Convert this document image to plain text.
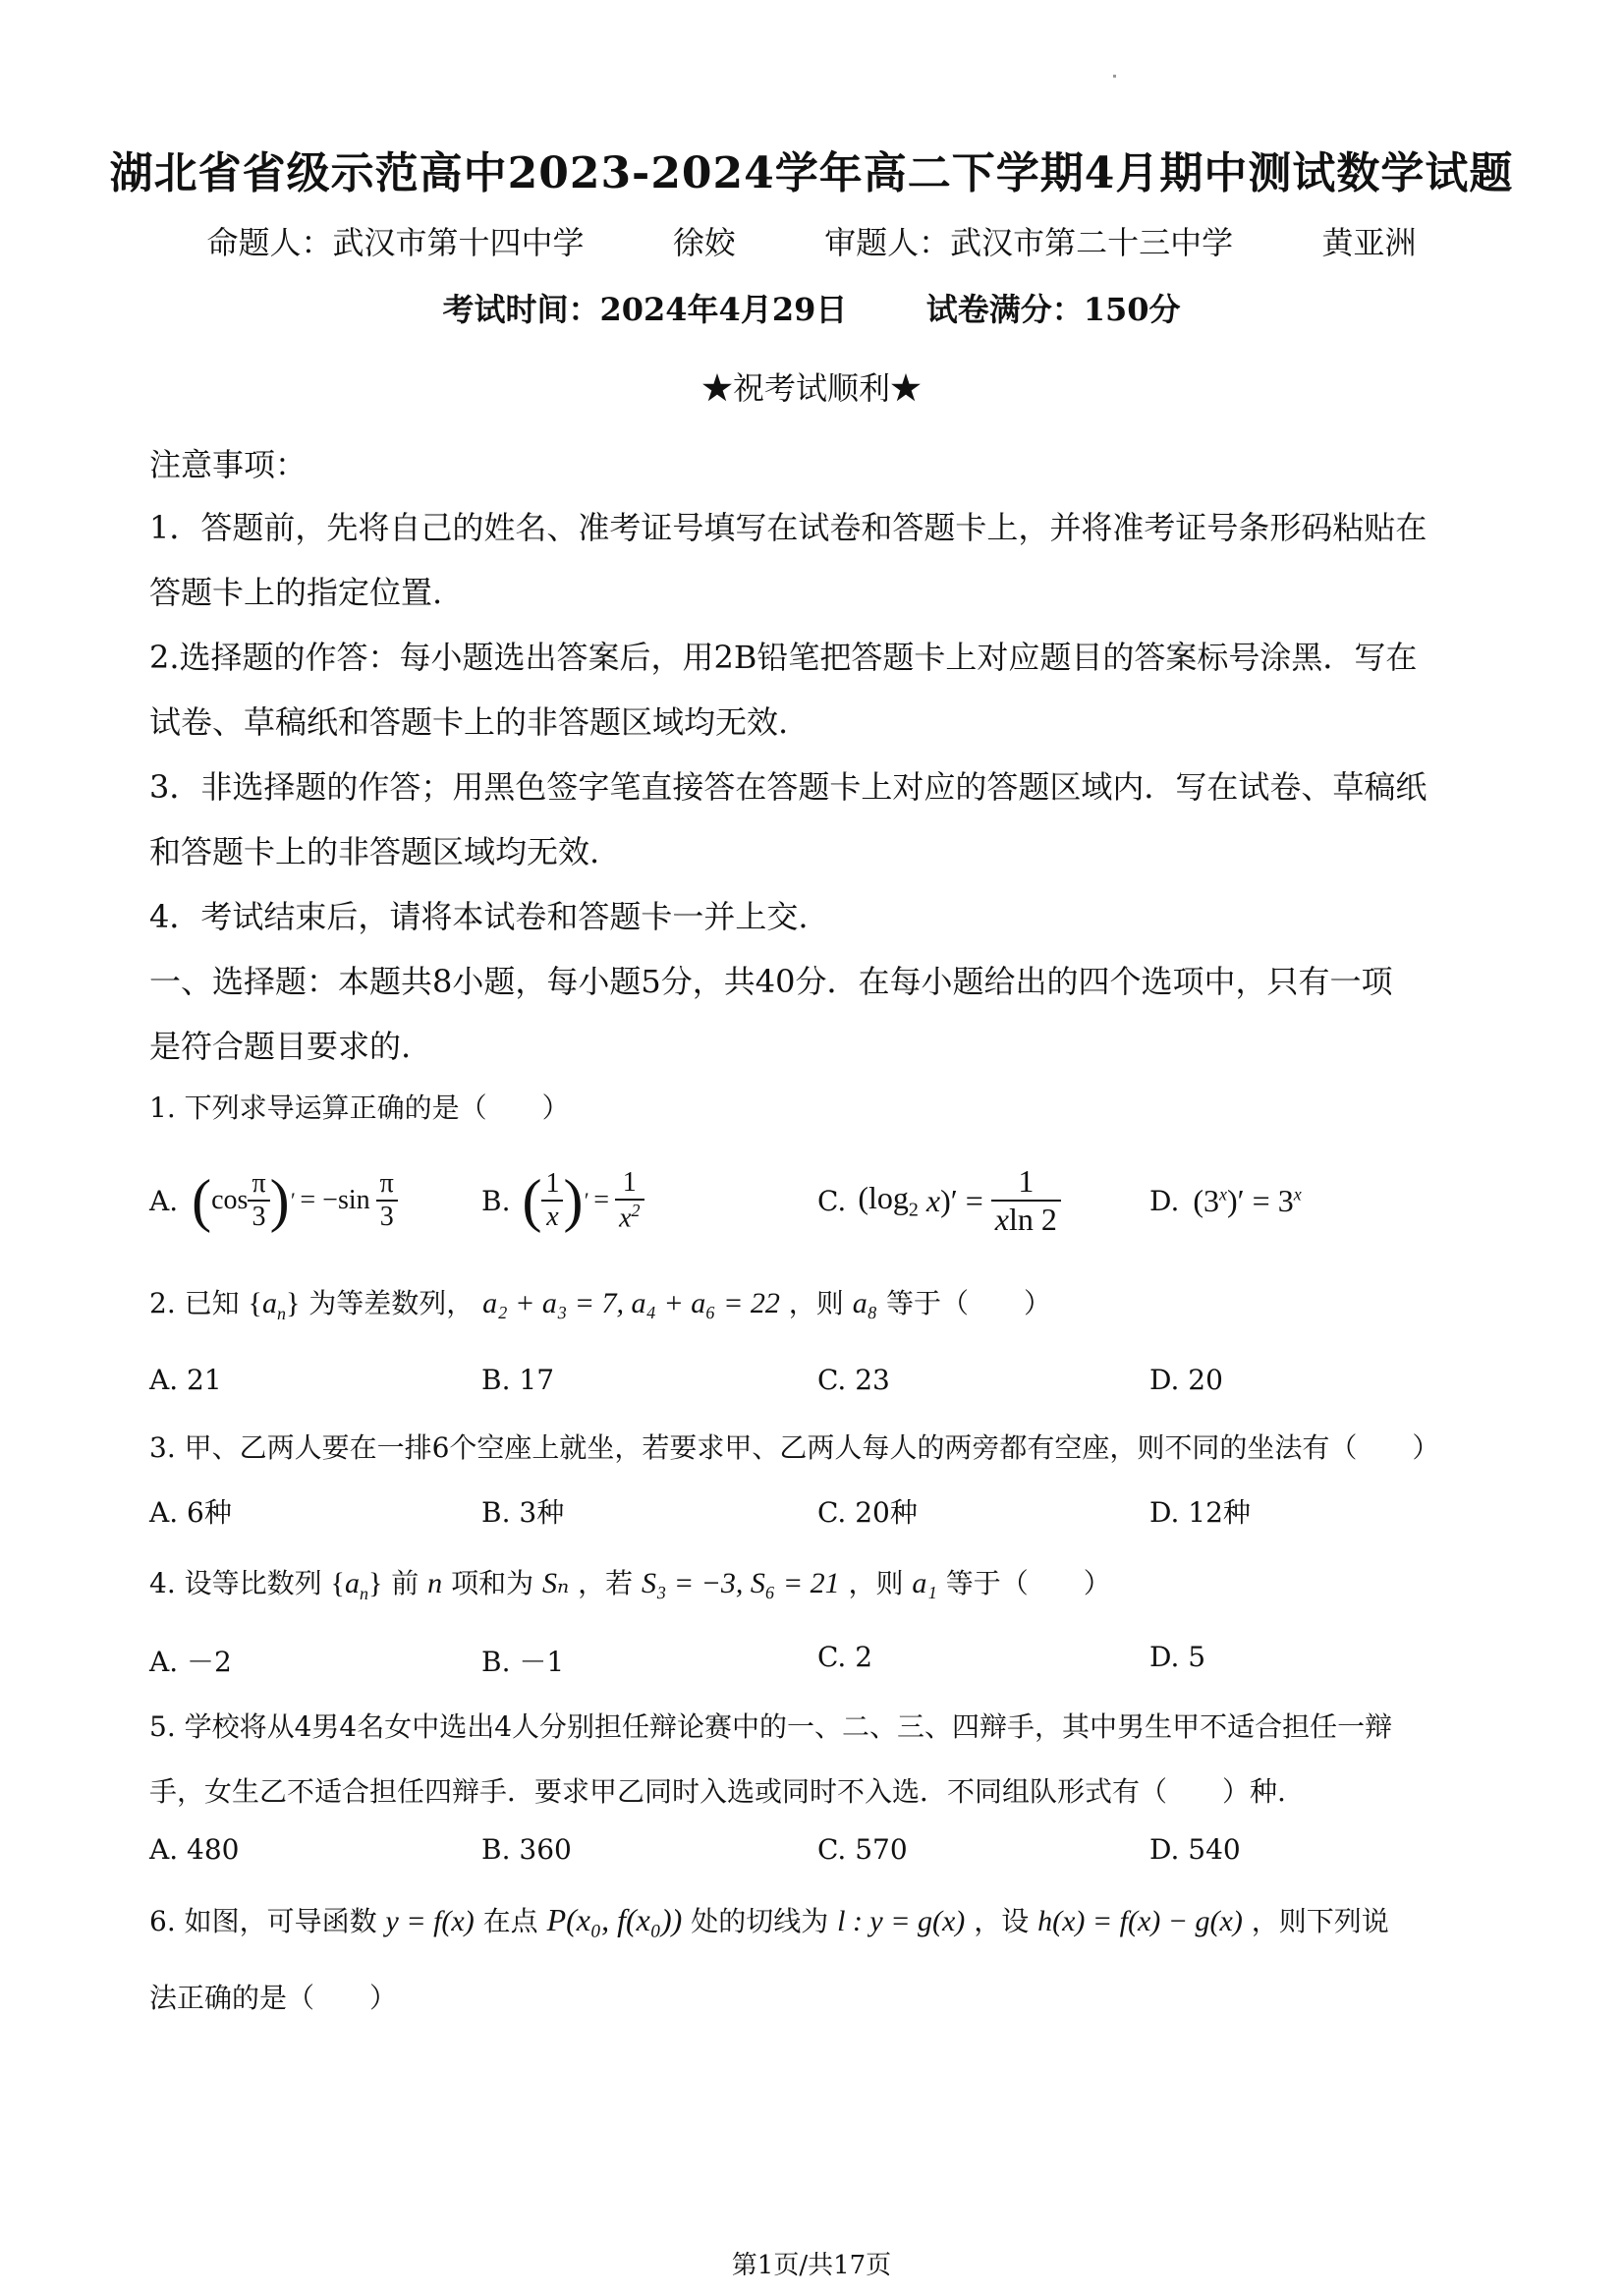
湖北省省级示范高中2023-2024学年高二下学期4月期中测试数学试题
命题人：武汉市第十四中学	徐姣	审题人：武汉市第二十三中学	黄亚洲
考试时间：2024年4月29日	试卷满分：150分
★祝考试顺利★
注意事项：
1．答题前，先将自己的姓名、准考证号填写在试卷和答题卡上，并将准考证号条形码粘贴在
答题卡上的指定位置.
2.选择题的作答：每小题选出答案后，用2B铅笔把答题卡上对应题目的答案标号涂黑．写在
试卷、草稿纸和答题卡上的非答题区域均无效.
3．非选择题的作答；用黑色签字笔直接答在答题卡上对应的答题区域内．写在试卷、草稿纸
和答题卡上的非答题区域均无效.
4．考试结束后，请将本试卷和答题卡一并上交.
一、选择题：本题共8小题，每小题5分，共40分．在每小题给出的四个选项中，只有一项
是符合题目要求的.
1. 下列求导运算正确的是（　　）
A. ( $\cos \frac{\pi}{3}$ ) ′ = $-\sin \frac{\pi}{3}$	B. ( $\frac{1}{x}$ ) ′ = $\frac{1}{x^2}$	C. ($\log_2$ x )′ =
$\frac{1}{xln 2}$	D. $(3^x)' = 3^x$
2. 已知 $\{a_n\}$ 为等差数列， a₂ + a₃ = 7, a₄ + a₆ = 22 ，则 a₈ 等于（　　）
A. 21	B. 17	C. 23	D. 20
3. 甲、乙两人要在一排6个空座上就坐，若要求甲、乙两人每人的两旁都有空座，则不同的坐法有（　　）
A. 6种	B. 3种	C. 20种	D. 12种
4. 设等比数列 $\{a_n\}$ 前 n 项和为 Sₙ ，若 S₃ = −3, S₆ = 21 ，则 a₁ 等于（　　）
A. －2	B. －1	C. 2	D. 5
5. 学校将从4男4名女中选出4人分别担任辩论赛中的一、二、三、四辩手，其中男生甲不适合担任一辩
手，女生乙不适合担任四辩手．要求甲乙同时入选或同时不入选．不同组队形式有（　　）种.
A. 480	B. 360	C. 570	D. 540
6. 如图，可导函数 y = f(x) 在点 P(x₀, f(x₀)) 处的切线为 l : y = g(x) ，设 h(x) = f(x) − g(x) ，则下列说
法正确的是（　　）
第1页/共17页
